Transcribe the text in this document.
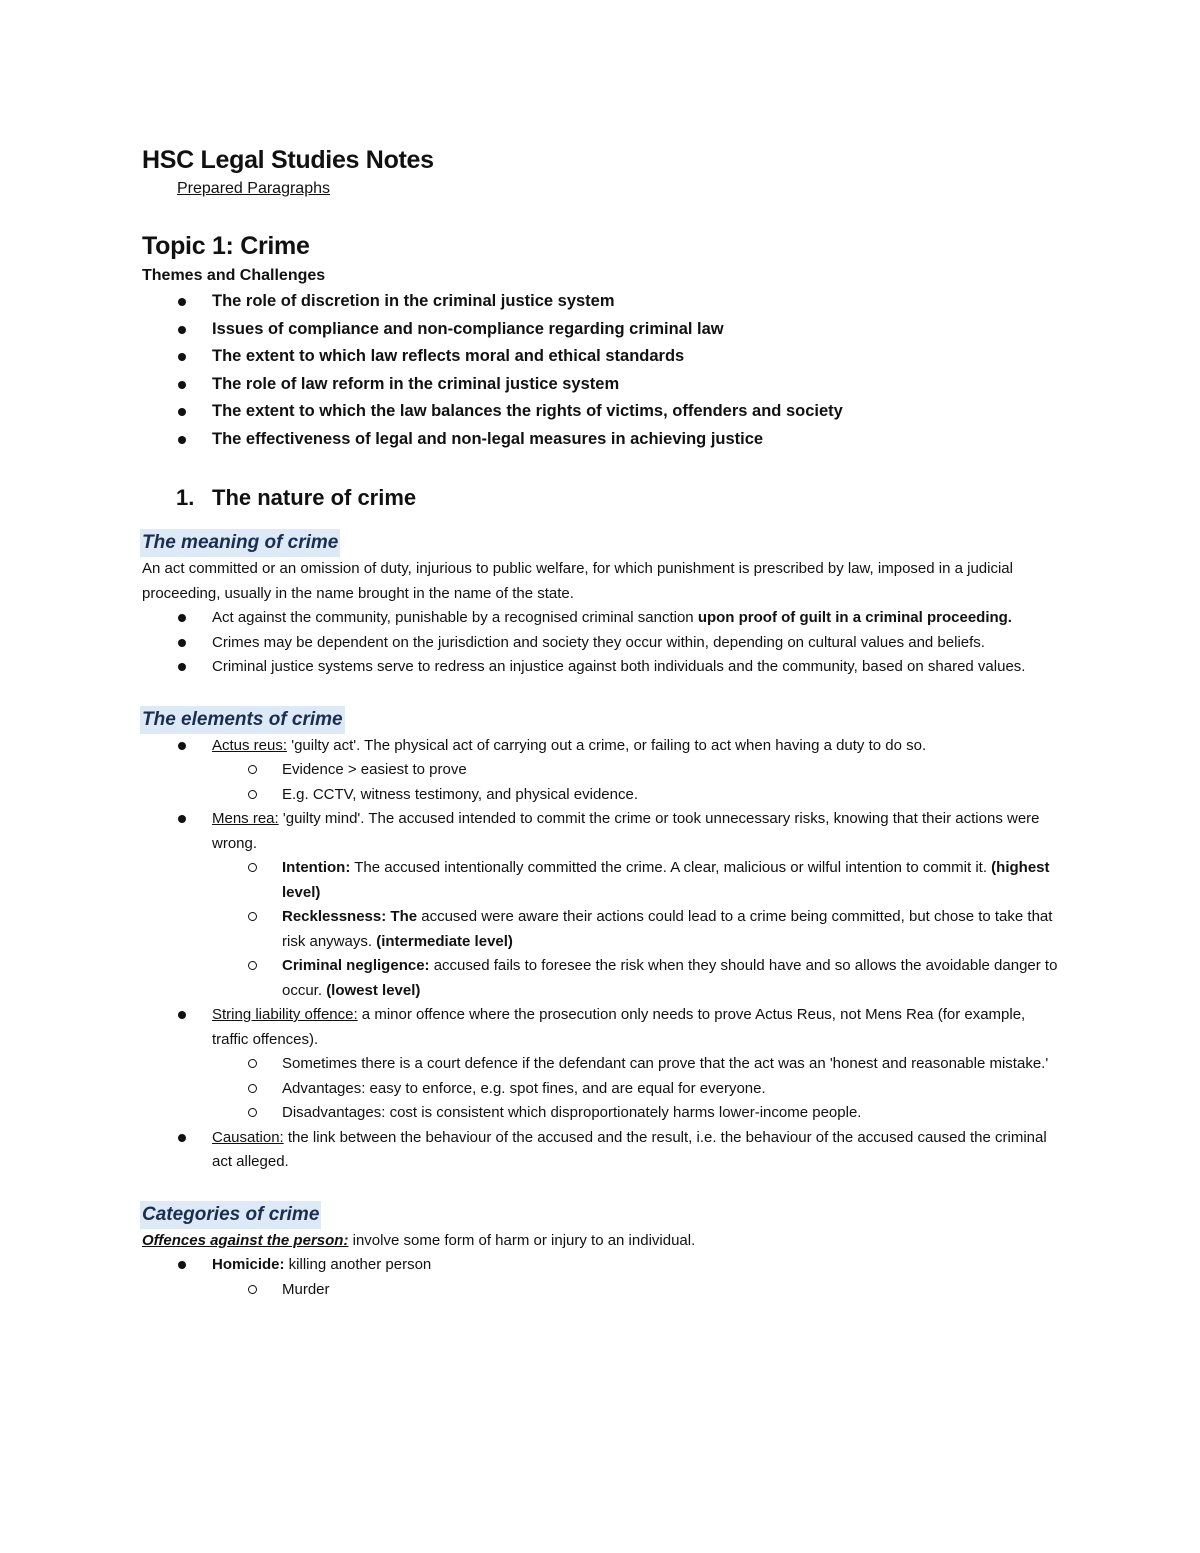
HSC Legal Studies Notes

Prepared Paragraphs

Topic 1: Crime

Themes and Challenges

The role of discretion in the criminal justice system
Issues of compliance and non-compliance regarding criminal law
The extent to which law reflects moral and ethical standards
The role of law reform in the criminal justice system
The extent to which the law balances the rights of victims, offenders and society
The effectiveness of legal and non-legal measures in achieving justice
1. The nature of crime
The meaning of crime

An act committed or an omission of duty, injurious to public welfare, for which punishment is prescribed by law, imposed in a judicial proceeding, usually in the name brought in the name of the state.

Act against the community, punishable by a recognised criminal sanction upon proof of guilt in a criminal proceeding.
Crimes may be dependent on the jurisdiction and society they occur within, depending on cultural values and beliefs.
Criminal justice systems serve to redress an injustice against both individuals and the community, based on shared values.
The elements of crime
Actus reus: 'guilty act'. The physical act of carrying out a crime, or failing to act when having a duty to do so.
Evidence > easiest to prove
E.g. CCTV, witness testimony, and physical evidence.
Mens rea: 'guilty mind'. The accused intended to commit the crime or took unnecessary risks, knowing that their actions were wrong.
Intention: The accused intentionally committed the crime. A clear, malicious or wilful intention to commit it. (highest level)
Recklessness: The accused were aware their actions could lead to a crime being committed, but chose to take that risk anyways. (intermediate level)
Criminal negligence: accused fails to foresee the risk when they should have and so allows the avoidable danger to occur. (lowest level)
String liability offence: a minor offence where the prosecution only needs to prove Actus Reus, not Mens Rea (for example, traffic offences).
Sometimes there is a court defence if the defendant can prove that the act was an 'honest and reasonable mistake.'
Advantages: easy to enforce, e.g. spot fines, and are equal for everyone.
Disadvantages: cost is consistent which disproportionately harms lower-income people.
Causation: the link between the behaviour of the accused and the result, i.e. the behaviour of the accused caused the criminal act alleged.
Categories of crime

Offences against the person: involve some form of harm or injury to an individual.

Homicide: killing another person
Murder
